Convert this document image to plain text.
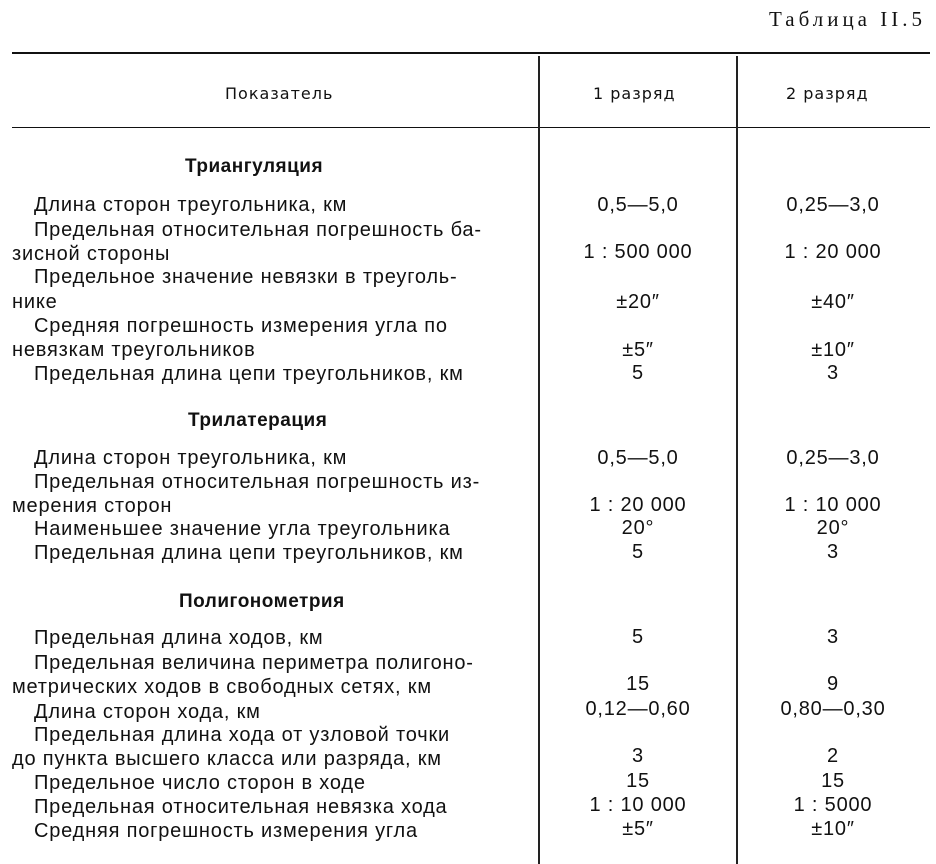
Таблица II.5
Показатель	1 разряд	2 разряд
Триангуляция
Длина сторон треугольника, км	0,5—5,0	0,25—3,0
Предельная относительная погрешность ба-
зисной стороны	1 : 500 000	1 : 20 000
Предельное значение невязки в треуголь-
нике	±20″	±40″
Средняя погрешность измерения угла по
невязкам треугольников	±5″	±10″
Предельная длина цепи треугольников, км	5	3
Трилатерация
Длина сторон треугольника, км	0,5—5,0	0,25—3,0
Предельная относительная погрешность из-
мерения сторон	1 : 20 000	1 : 10 000
Наименьшее значение угла треугольника	20°	20°
Предельная длина цепи треугольников, км	5	3
Полигонометрия
Предельная длина ходов, км	5	3
Предельная величина периметра полигоно-
метрических ходов в свободных сетях, км	15	9
Длина сторон хода, км	0,12—0,60	0,80—0,30
Предельная длина хода от узловой точки
до пункта высшего класса или разряда, км	3	2
Предельное число сторон в ходе	15	15
Предельная относительная невязка хода	1 : 10 000	1 : 5000
Средняя погрешность измерения угла	±5″	±10″
